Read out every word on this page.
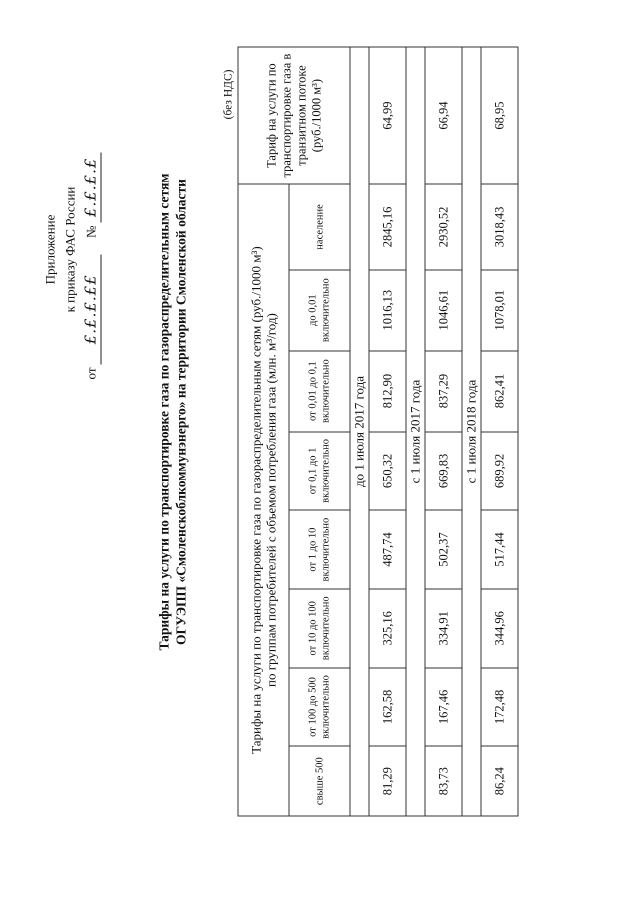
Приложение к приказу ФАС России
от £.£.£.££     № £.£.£.£	Тарифы на услуги по транспортировке газа по газораспределительным сетям ОГУЭПП «Смоленскоблкоммунэнерго» на территории Смоленской области
(без НДС)
Тарифы на услуги по транспортировке газа по газораспределительным сетям (руб./1000 м³)
по группам потребителей с объемом потребления газа (млн. м³/год)								Тариф на услуги по транспортировке газа в транзитном потоке (руб./1000 м³)
свыше 500	от 100 до 500 включительно	от 10 до 100 включительно	от 1 до 10 включительно	от 0,1 до 1 включительно	от 0,01 до 0,1 включительно	до 0,01 включительно	население	
до 1 июля 2017 года								
81,29	162,58	325,16	487,74	650,32	812,90	1016,13	2845,16	64,99
с 1 июля 2017 года								
83,73	167,46	334,91	502,37	669,83	837,29	1046,61	2930,52	66,94
с 1 июля 2018 года								
86,24	172,48	344,96	517,44	689,92	862,41	1078,01	3018,43	68,95
